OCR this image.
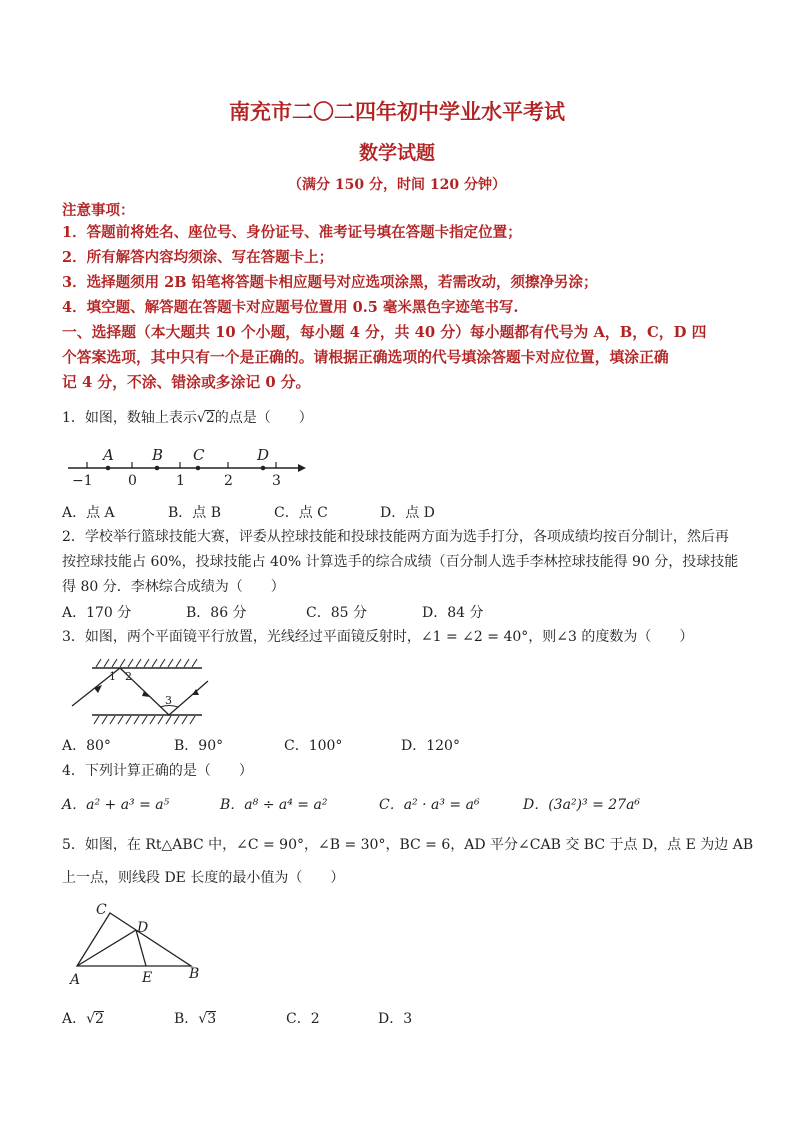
南充市二〇二四年初中学业水平考试
数学试题
（满分 150 分，时间 120 分钟）
注意事项：
1．答题前将姓名、座位号、身份证号、准考证号填在答题卡指定位置；
2．所有解答内容均须涂、写在答题卡上；
3．选择题须用 2B 铅笔将答题卡相应题号对应选项涂黑，若需改动，须擦净另涂；
4．填空题、解答题在答题卡对应题号位置用 0.5 毫米黑色字迹笔书写.
一、选择题（本大题共 10 个小题，每小题 4 分，共 40 分）每小题都有代号为 A，B，C，D 四
个答案选项，其中只有一个是正确的。请根据正确选项的代号填涂答题卡对应位置，填涂正确
记 4 分，不涂、错涂或多涂记 0 分。
1．如图，数轴上表示√2的点是（　　）
−1	0	1	2	3
A	B C	D
A．点 A	B．点 B	C．点 C	D．点 D
2．学校举行篮球技能大赛，评委从控球技能和投球技能两方面为选手打分，各项成绩均按百分制计，然后再
按控球技能占 60%，投球技能占 40% 计算选手的综合成绩（百分制人选手李林控球技能得 90 分，投球技能
得 80 分．李林综合成绩为（　　）
A．170 分	B．86 分	C．85 分	D．84 分
3．如图，两个平面镜平行放置，光线经过平面镜反射时，∠1 = ∠2 = 40°，则∠3 的度数为（　　）
1 2
3
A．80°	B．90°	C．100°	D．120°
4．下列计算正确的是（　　）
A．a² + a³ = a⁵	B．a⁸ ÷ a⁴ = a²	C．a² · a³ = a⁶	D．(3a²)³ = 27a⁶
5．如图，在 Rt△ABC 中，∠C = 90°，∠B = 30°，BC = 6，AD 平分∠CAB 交 BC 于点 D，点 E 为边 AB
上一点，则线段 DE 长度的最小值为（　　）
C
D
A	E	B
A．√2	B．√3	C．2	D．3
